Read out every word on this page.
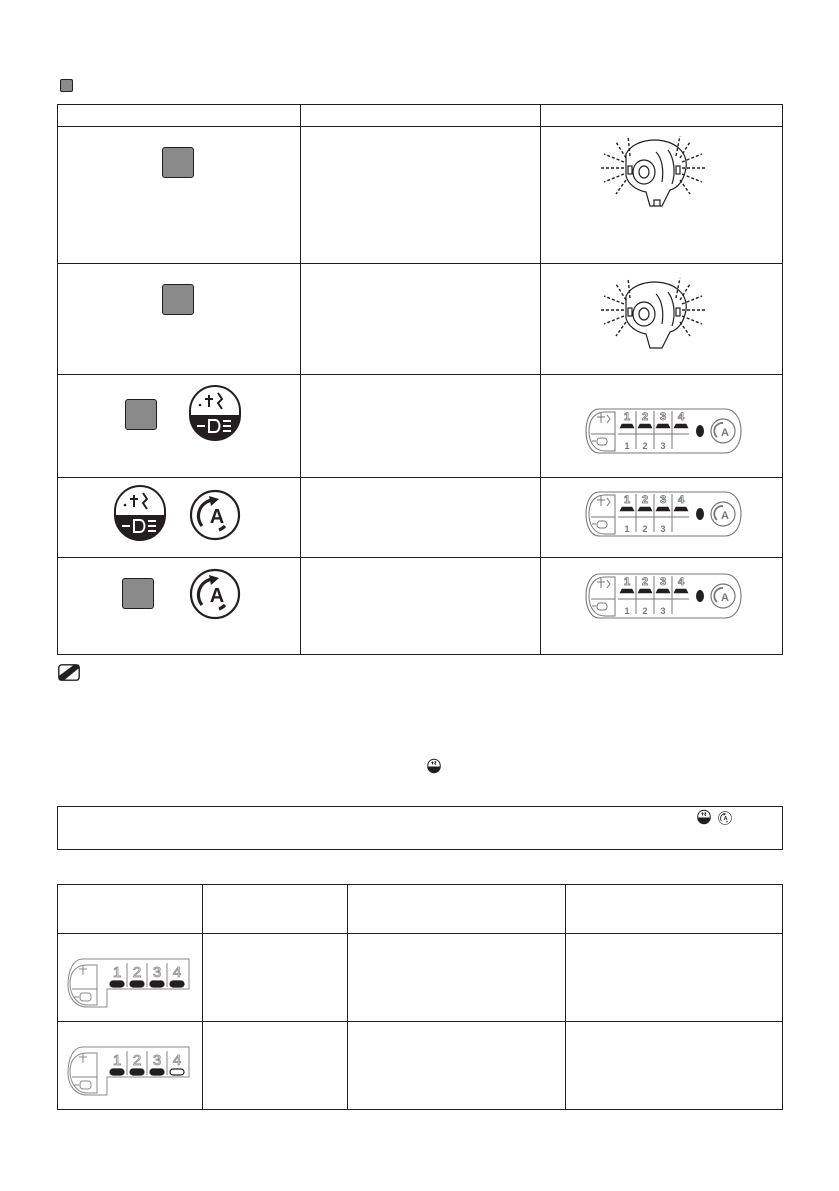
1 2 3 4
1 2 3
A
A
1 2 3 4
1 2 3
A
A
1 2 3 4
1 2 3
A
A
1 2 3 4
1 2 3 4
